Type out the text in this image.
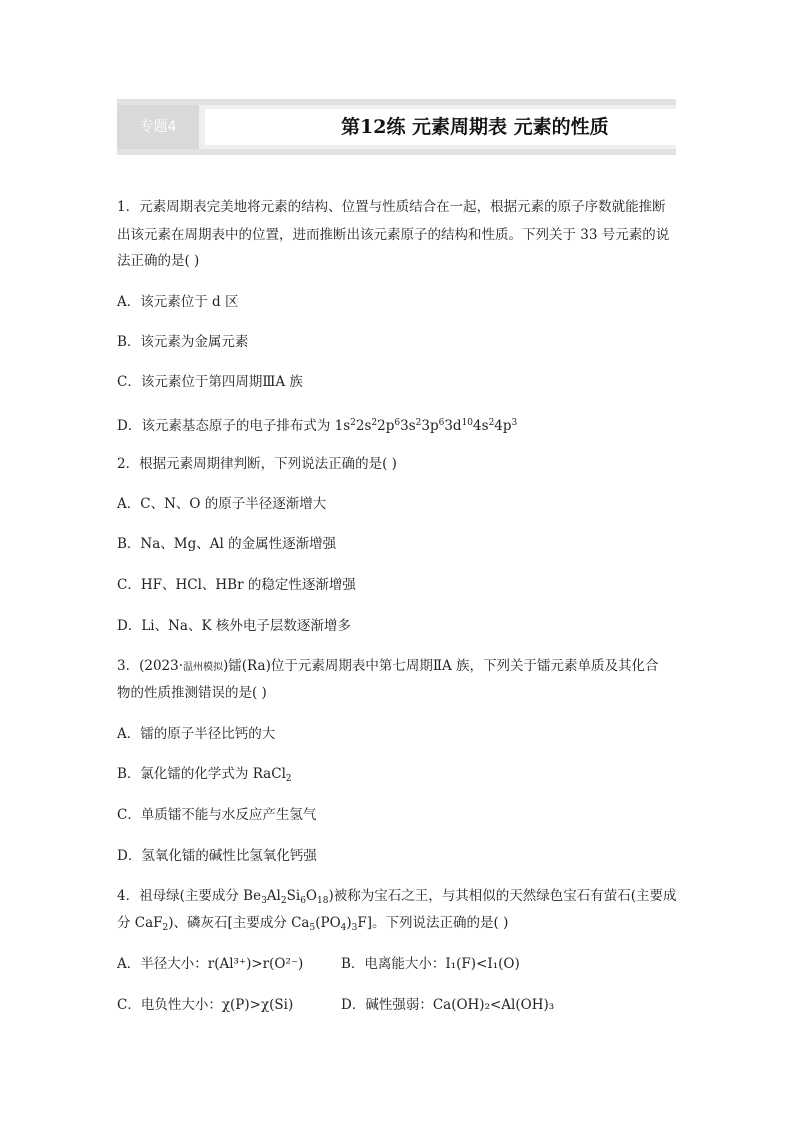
专题4	第12练 元素周期表 元素的性质
1．元素周期表完美地将元素的结构、位置与性质结合在一起，根据元素的原子序数就能推断
出该元素在周期表中的位置，进而推断出该元素原子的结构和性质。下列关于 33 号元素的说
法正确的是( )
A．该元素位于 d 区
B．该元素为金属元素
C．该元素位于第四周期ⅢA 族
D．该元素基态原子的电子排布式为 $1s^22s^22p^63s^23p^63d^{10}4s^24p^3$
2．根据元素周期律判断，下列说法正确的是( )
A．C、N、O 的原子半径逐渐增大
B．Na、Mg、Al 的金属性逐渐增强
C．HF、HCl、HBr 的稳定性逐渐增强
D．Li、Na、K 核外电子层数逐渐增多
3．(2023·温州模拟)镭(Ra)位于元素周期表中第七周期ⅡA 族，下列关于镭元素单质及其化合
物的性质推测错误的是( )
A．镭的原子半径比钙的大
B．氯化镭的化学式为 RaCl$_2$
C．单质镭不能与水反应产生氢气
D．氢氧化镭的碱性比氢氧化钙强
4．祖母绿(主要成分 $Be_3Al_2Si_6O_{18}$)被称为宝石之王，与其相似的天然绿色宝石有萤石(主要成
分 CaF$_2$)、磷灰石[主要成分 $Ca_5(PO_4)_3F$]。下列说法正确的是( )
A．半径大小：r(Al³⁺)>r(O²⁻)	B．电离能大小：I₁(F)<I₁(O)
C．电负性大小：χ(P)>χ(Si)	D．碱性强弱：Ca(OH)₂<Al(OH)₃
